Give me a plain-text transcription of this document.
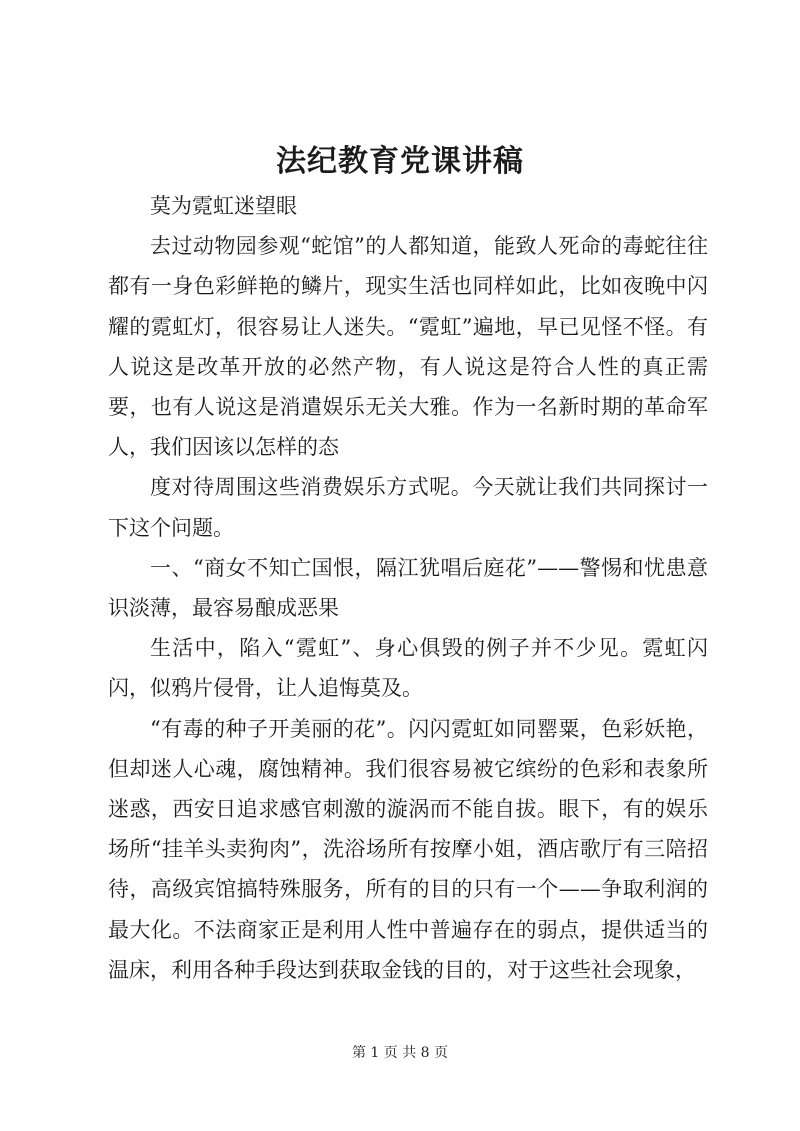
法纪教育党课讲稿

莫为霓虹迷望眼

去过动物园参观“蛇馆”的人都知道，能致人死命的毒蛇往往都有一身色彩鲜艳的鳞片，现实生活也同样如此，比如夜晚中闪耀的霓虹灯，很容易让人迷失。“霓虹”遍地，早已见怪不怪。有人说这是改革开放的必然产物，有人说这是符合人性的真正需要，也有人说这是消遣娱乐无关大雅。作为一名新时期的革命军人，我们因该以怎样的态

度对待周围这些消费娱乐方式呢。今天就让我们共同探讨一下这个问题。

一、“商女不知亡国恨，隔江犹唱后庭花”——警惕和忧患意识淡薄，最容易酿成恶果

生活中，陷入“霓虹”、身心俱毁的例子并不少见。霓虹闪闪，似鸦片侵骨，让人追悔莫及。

“有毒的种子开美丽的花”。闪闪霓虹如同罂粟，色彩妖艳，但却迷人心魂，腐蚀精神。我们很容易被它缤纷的色彩和表象所迷惑，西安日追求感官刺激的漩涡而不能自拔。眼下，有的娱乐场所“挂羊头卖狗肉”，洗浴场所有按摩小姐，酒店歌厅有三陪招待，高级宾馆搞特殊服务，所有的目的只有一个——争取利润的最大化。不法商家正是利用人性中普遍存在的弱点，提供适当的温床，利用各种手段达到获取金钱的目的，对于这些社会现象，

第 1 页 共 8 页
